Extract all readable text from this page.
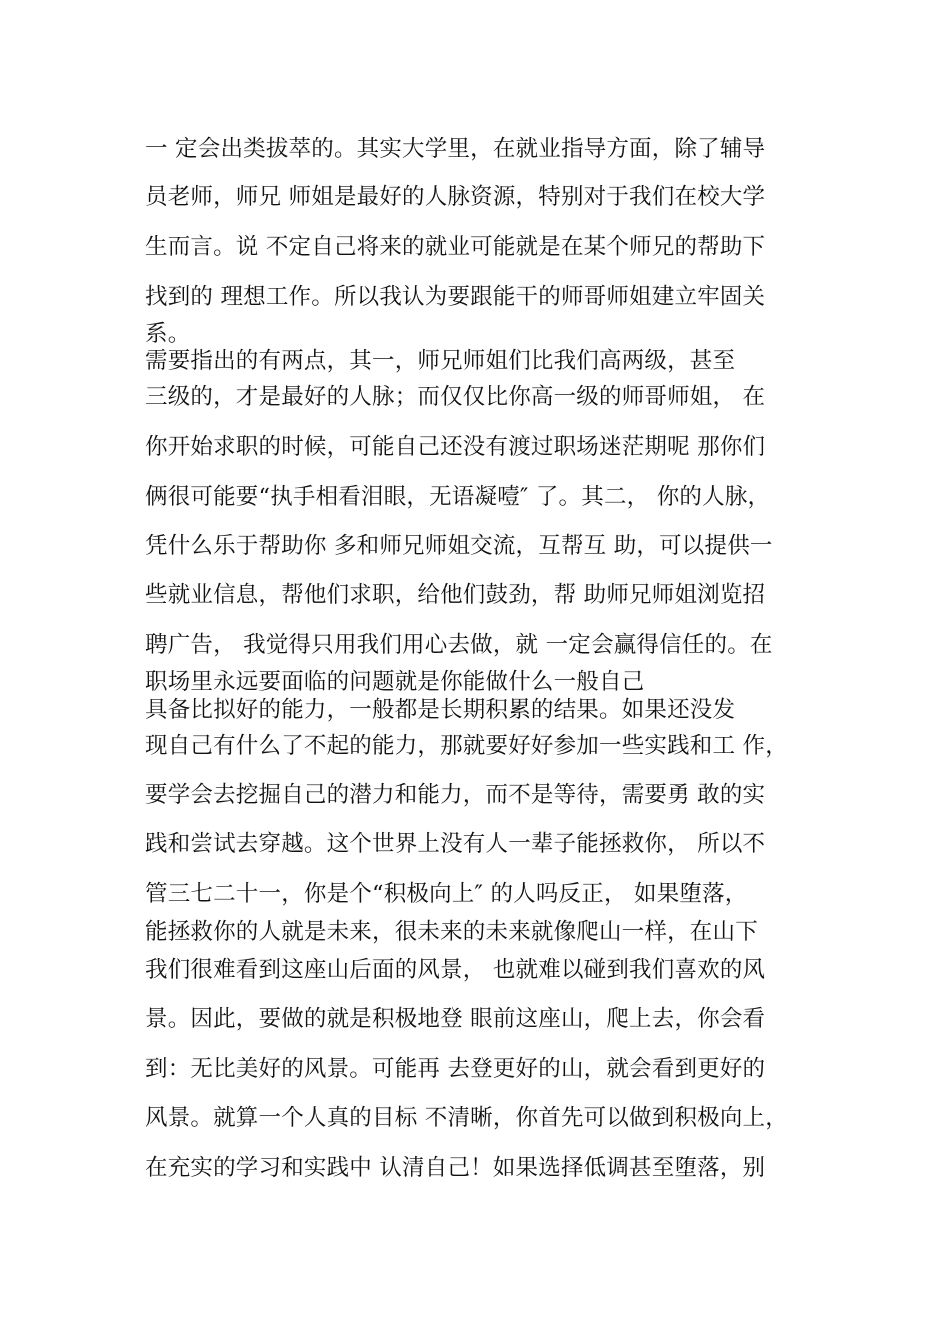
一 定会出类拔萃的。其实大学里，在就业指导方面，除了辅导
员老师，师兄 师姐是最好的人脉资源，特别对于我们在校大学
生而言。说 不定自己将来的就业可能就是在某个师兄的帮助下
找到的 理想工作。所以我认为要跟能干的师哥师姐建立牢固关
系。
需要指出的有两点，其一，师兄师姐们比我们高两级，甚至
三级的，才是最好的人脉；而仅仅比你高一级的师哥师姐， 在
你开始求职的时候，可能自己还没有渡过职场迷茫期呢 那你们
俩很可能要“执手相看泪眼，无语凝噎″ 了。其二， 你的人脉，
凭什么乐于帮助你 多和师兄师姐交流，互帮互 助，可以提供一
些就业信息，帮他们求职，给他们鼓劲，帮 助师兄师姐浏览招
聘广告， 我觉得只用我们用心去做，就 一定会赢得信任的。在
职场里永远要面临的问题就是你能做什么一般自己
具备比拟好的能力，一般都是长期积累的结果。如果还没发
现自己有什么了不起的能力，那就要好好参加一些实践和工 作，
要学会去挖掘自己的潜力和能力，而不是等待，需要勇 敢的实
践和尝试去穿越。这个世界上没有人一辈子能拯救你， 所以不
管三七二十一，你是个“积极向上″ 的人吗反正， 如果堕落，
能拯救你的人就是未来，很未来的未来就像爬山一样，在山下
我们很难看到这座山后面的风景， 也就难以碰到我们喜欢的风
景。因此，要做的就是积极地登 眼前这座山，爬上去，你会看
到：无比美好的风景。可能再 去登更好的山，就会看到更好的
风景。就算一个人真的目标 不清晰，你首先可以做到积极向上，
在充实的学习和实践中 认清自己！如果选择低调甚至堕落，别
